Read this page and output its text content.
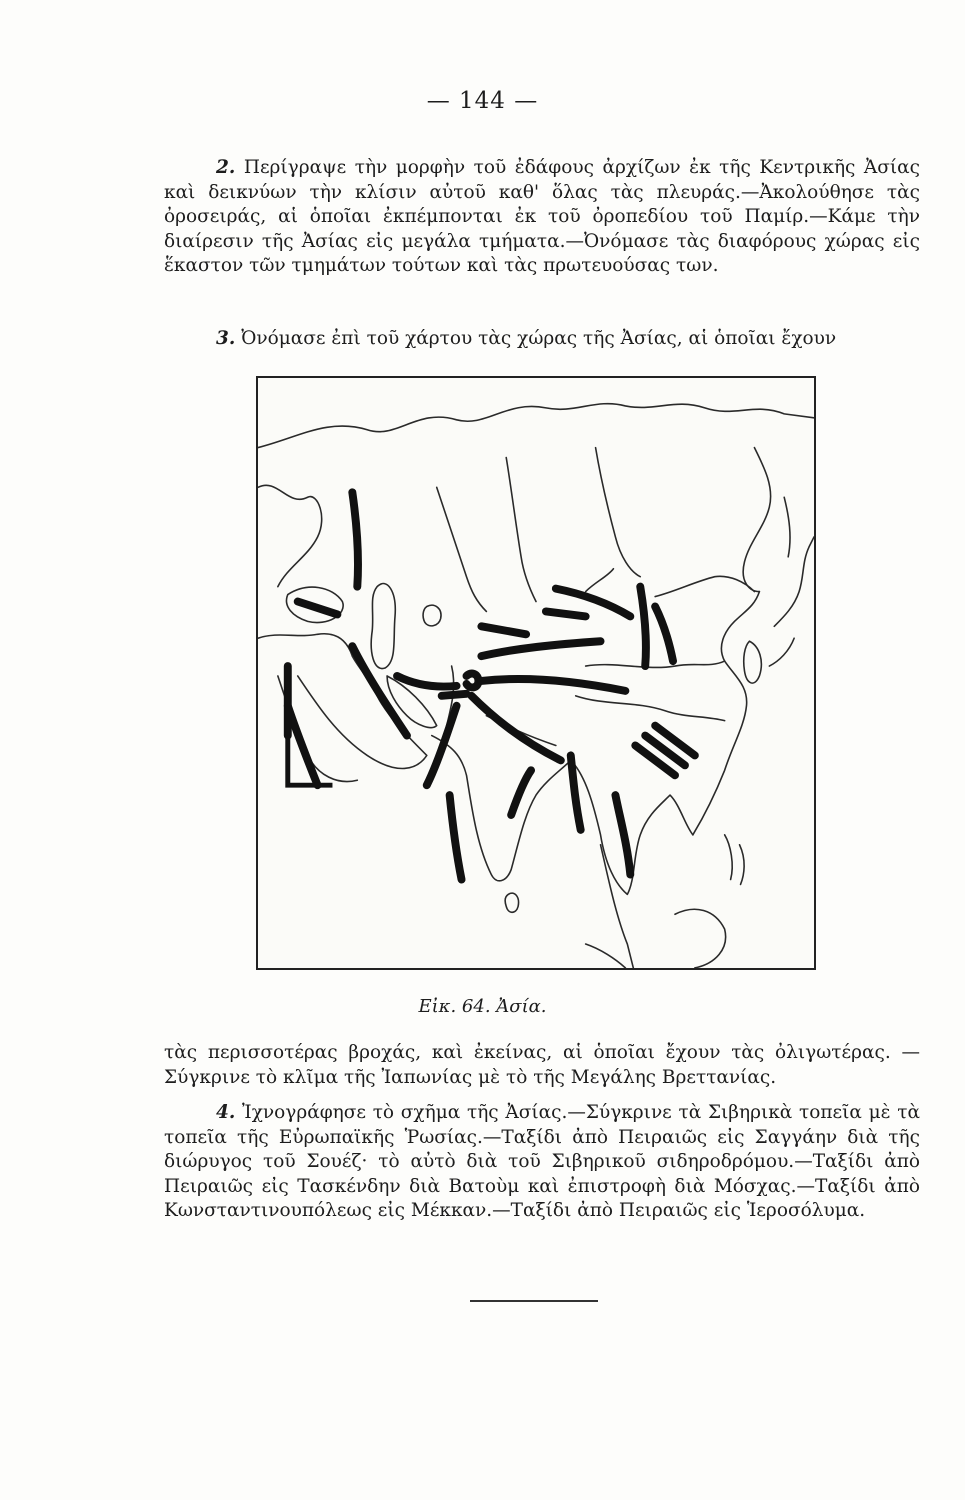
— 144 —

2. Περίγραψε τὴν μορφὴν τοῦ ἐδάφους ἀρχίζων ἐκ τῆς Κεντρικῆς Ἀσίας καὶ δεικνύων τὴν κλίσιν αὐτοῦ καθ' ὅλας τὰς πλευράς.—Ἀκολούθησε τὰς ὀροσειράς, αἱ ὁποῖαι ἐκπέμπονται ἐκ τοῦ ὀροπεδίου τοῦ Παμίρ.—Κάμε τὴν διαίρεσιν τῆς Ἀσίας εἰς μεγάλα τμήματα.—Ὀνόμασε τὰς διαφόρους χώρας εἰς ἕκαστον τῶν τμημάτων τούτων καὶ τὰς πρωτευούσας των.

3. Ὀνόμασε ἐπὶ τοῦ χάρτου τὰς χώρας τῆς Ἀσίας, αἱ ὁποῖαι ἔχουν

Εἰκ. 64. Ἀσία.

τὰς περισσοτέρας βροχάς, καὶ ἐκείνας, αἱ ὁποῖαι ἔχουν τὰς ὀλιγωτέρας. —Σύγκρινε τὸ κλῖμα τῆς Ἰαπωνίας μὲ τὸ τῆς Μεγάλης Βρεττανίας.

4. Ἰχνογράφησε τὸ σχῆμα τῆς Ἀσίας.—Σύγκρινε τὰ Σιβηρικὰ τοπεῖα μὲ τὰ τοπεῖα τῆς Εὐρωπαϊκῆς Ῥωσίας.—Ταξίδι ἀπὸ Πειραιῶς εἰς Σαγγάην διὰ τῆς διώρυγος τοῦ Σουέζ· τὸ αὐτὸ διὰ τοῦ Σιβηρικοῦ σιδηροδρόμου.—Ταξίδι ἀπὸ Πειραιῶς εἰς Τασκένδην διὰ Βατοὺμ καὶ ἐπιστροφὴ διὰ Μόσχας.—Ταξίδι ἀπὸ Κωνσταντινουπόλεως εἰς Μέκκαν.—Ταξίδι ἀπὸ Πειραιῶς εἰς Ἱεροσόλυμα.
